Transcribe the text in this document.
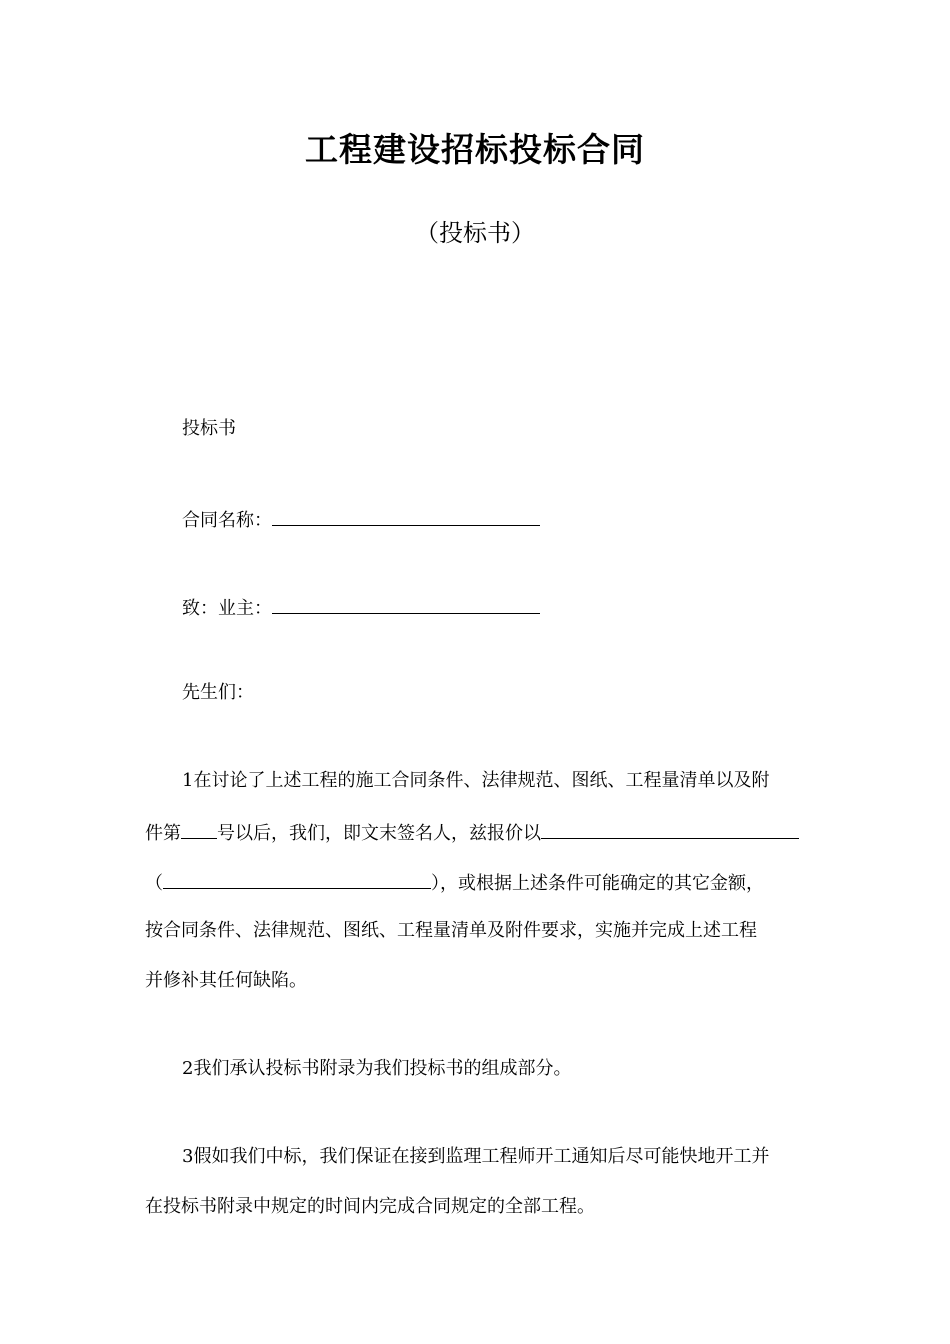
工程建设招标投标合同
（投标书）
投标书
合同名称：
致：业主：
先生们：
1在讨论了上述工程的施工合同条件、法律规范、图纸、工程量清单以及附
件第 号以后，我们，即文末签名人，兹报价以
（	），或根据上述条件可能确定的其它金额，
按合同条件、法律规范、图纸、工程量清单及附件要求，实施并完成上述工程
并修补其任何缺陷。
2我们承认投标书附录为我们投标书的组成部分。
3假如我们中标，我们保证在接到监理工程师开工通知后尽可能快地开工并
在投标书附录中规定的时间内完成合同规定的全部工程。
